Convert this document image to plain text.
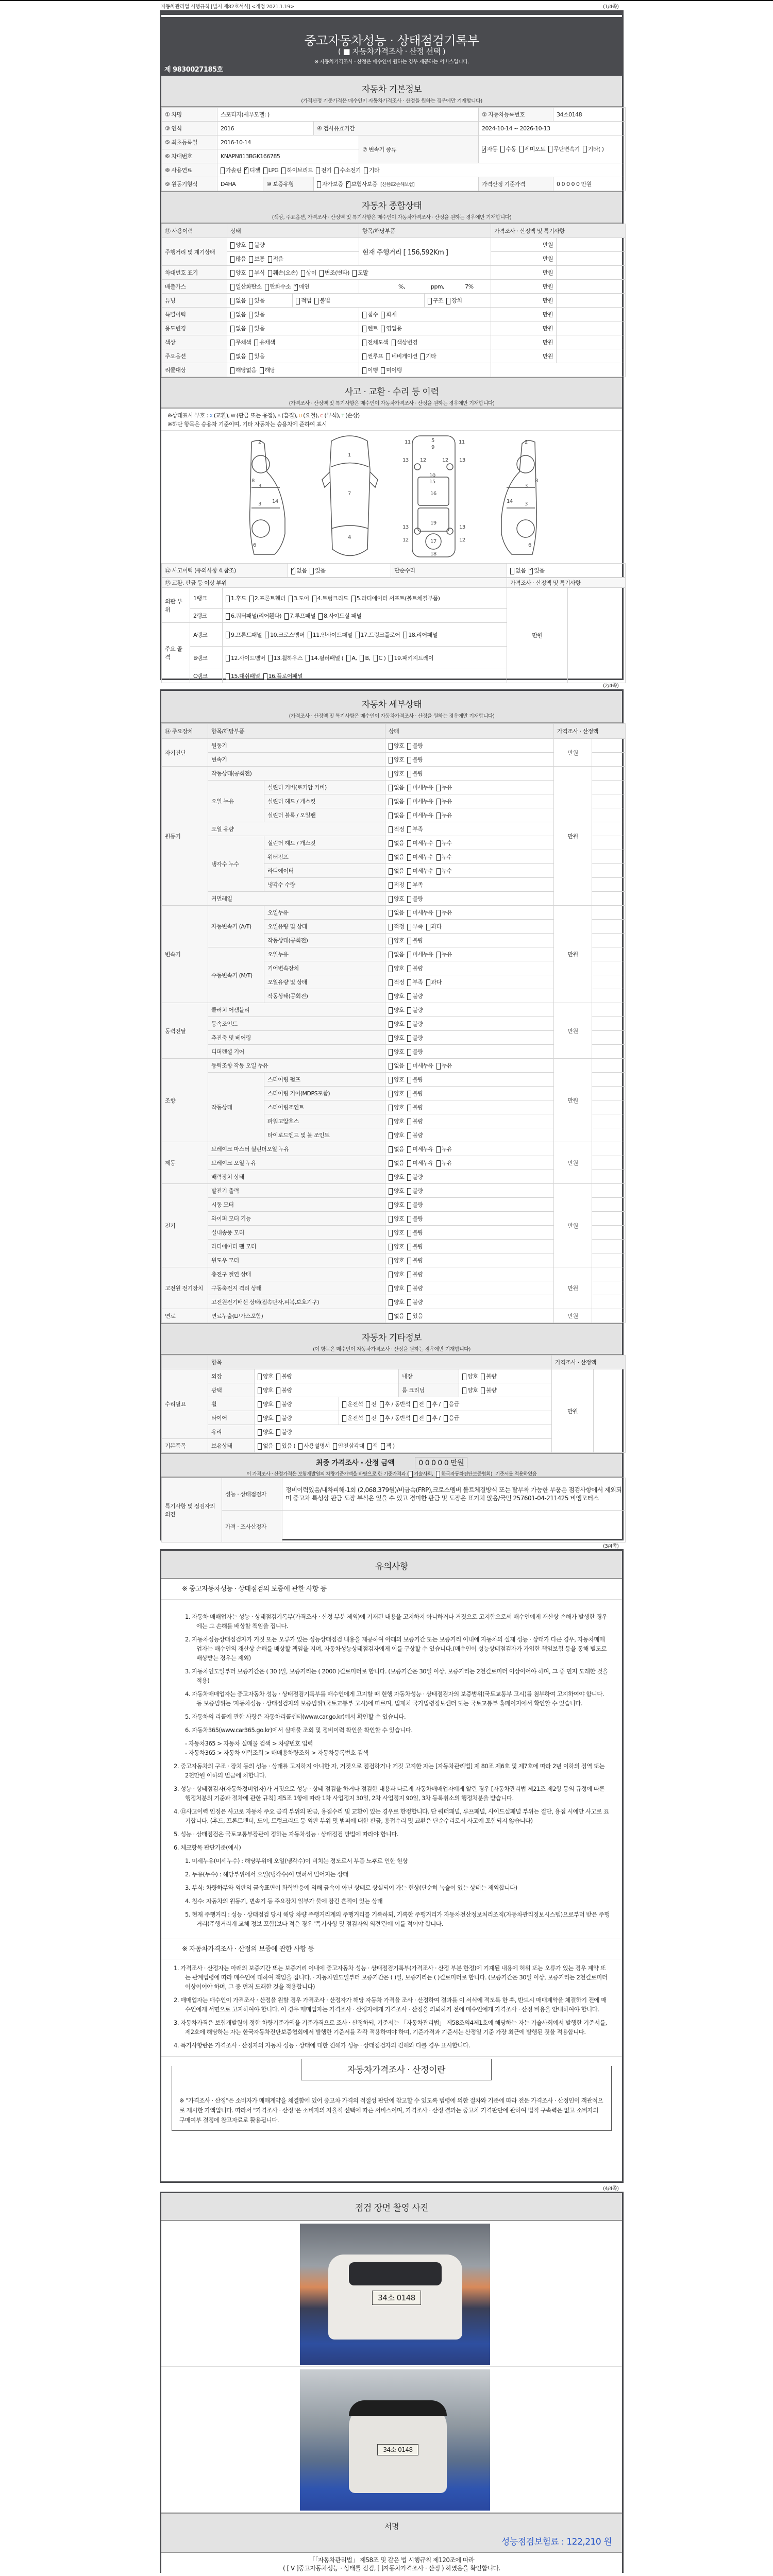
자동차관리법 시행규칙 [별지 제82호서식] <개정 2021.1.19>	(1/4쪽)
중고자동차성능 · 상태점검기록부
( ■ 자동차가격조사 · 산정 선택 )
※ 자동차가격조사 · 산정은 매수인이 원하는 경우 제공하는 서비스입니다.
제 9830027185호
자동차 기본정보
(가격산정 기준가격은 매수인이 자동차가격조사 · 산정을 원하는 경우에만 기재합니다)
① 차명	스포티지(세부모델: )				② 자동차등록번호	34소0148
③ 연식	2016		④ 검사유효기간		2024-10-14 ~ 2026-10-13	
⑤ 최초등록일	2016-10-14			⑦ 변속기 종류	✓자동 수동 세미오토 무단변속기 기타( )
⑥ 차대번호	KNAPN813BGK166785					
⑧ 사용연료	가솔린 ✓ 디젤 LPG 하이브리드 전기 수소전기 기타
⑨ 원동기형식	D4HA	⑩ 보증유형	자가보증 ✓ 보험사보증 [신한EZ손해보험]		가격산정 기준가격	0 0 0 0 0 만원
자동차 종합상태
(색상, 주요옵션, 가격조사 · 산정액 및 특기사항은 매수인이 자동차가격조사 · 산정을 원하는 경우에만 기재합니다)
⑪ 사용이력	상태		항목/해당부품		가격조사 · 산정액 및 특기사항	
주행거리 및 계기상태	양호 불량		현재 주행거리 [ 156,592Km ]		만원	
	많음 보통 적음				만원	
차대번호 표기	양호 부식 훼손(오손) 상이 변조(변타) 도말				만원	
배출가스	일산화탄소 탄화수소 ✓ 매연		%, ppm, 7%		만원	
튜닝	없음 있음	적법 불법		구조 장치	만원	
특별이력	없음 있음		침수 화재		만원	
용도변경	없음 있음		렌트 영업용		만원	
색상	무채색 유채색		전체도색 색상변경		만원	
주요옵션	없음 있음		썬루프 네비게이션 기타		만원	
리콜대상	해당없음 해당		이행 미이행			
사고 · 교환 · 수리 등 이력
(가격조사 · 산정액 및 특기사항은 매수인이 자동차가격조사 · 산정을 원하는 경우에만 기재합니다)
※상태표시 부호 : X (교환), W (판금 또는 용접), A (흠집), U (요철), C (부식), T (손상)
※하단 항목은 승용차 기준이며, 기타 자동차는 승용차에 준하여 표시
2
3
3
6
8
14
1
7
4
5
9
11	11
13	13
12	12
10
15
16
19
17
18
13	13
12	12
2
3
3
6
8
14
⑫ 사고이력 (유의사항 4.참조)	✓없음 있음	단순수리	없음 ✓ 있음
⑬ 교환, 판금 등 이상 부위			가격조사 · 산정액 및 특기사항	
외판 부위	1랭크	1.후드 2.프론트휀더 3.도어 4.트렁크리드 5.라디에이터 서포트(볼트체결부품)	만원	
	2랭크	6.쿼터패널(리어휀다) 7.루프패널 8.사이드실 패널		
주요 골격	A랭크	9.프론트패널 10.크로스멤버 11.인사이드패널 17.트렁크플로어 18.리어패널		
	B랭크	12.사이드멤버 13.휠하우스 14.필러패널 ( A, B, C ) 19.패키지트레이		
	C랭크	15.대쉬패널 16.플로어패널		
(2/4쪽)
자동차 세부상태
(가격조사 · 산정액 및 특기사항은 매수인이 자동차가격조사 · 산정을 원하는 경우에만 기재합니다)
⑭ 주요장치	항목/해당부품		상태	가격조사 · 산정액	
자기진단	원동기		양호 불량	만원	
	변속기		양호 불량		
원동기	작동상태(공회전)		양호 불량	만원	
	오일 누유	실린더 커버(로커암 커버)	없음 미세누유 누유		
		실린더 헤드 / 개스킷	없음 미세누유 누유		
		실린더 블록 / 오일팬	없음 미세누유 누유		
	오일 유량		적정 부족		
	냉각수 누수	실린더 헤드 / 개스킷	없음 미세누수 누수		
		워터펌프	없음 미세누수 누수		
		라디에이터	없음 미세누수 누수		
		냉각수 수량	적정 부족		
	커먼레일		양호 불량		
변속기	자동변속기 (A/T)	오일누유	없음 미세누유 누유	만원	
		오일유량 및 상태	적정 부족 과다		
		작동상태(공회전)	양호 불량		
	수동변속기 (M/T)	오일누유	없음 미세누유 누유		
		기어변속장치	양호 불량		
		오일유량 및 상태	적정 부족 과다		
		작동상태(공회전)	양호 불량		
동력전달	클러치 어셈블리		양호 불량	만원	
	등속조인트		양호 불량		
	추진축 및 베어링		양호 불량		
	디퍼렌셜 기어		양호 불량		
조향	동력조향 작동 오일 누유		없음 미세누유 누유	만원	
	작동상태	스티어링 펌프	양호 불량		
		스티어링 기어(MDPS포함)	양호 불량		
		스티어링조인트	양호 불량		
		파워고압호스	양호 불량		
		타이로드엔드 및 볼 조인트	양호 불량		
제동	브레이크 마스터 실린더오일 누유		없음 미세누유 누유	만원	
	브레이크 오일 누유		없음 미세누유 누유		
	배력장치 상태		양호 불량		
전기	발전기 출력		양호 불량	만원	
	시동 모터		양호 불량		
	와이퍼 모터 기능		양호 불량		
	실내송풍 모터		양호 불량		
	라디에이터 팬 모터		양호 불량		
	윈도우 모터		양호 불량		
고전원 전기장치	충전구 절연 상태		양호 불량	만원	
	구동축전지 격리 상태		양호 불량		
	고전원전기배선 상태(접속단자,피복,보호기구)		양호 불량		
연료	연료누출(LP가스포함)		없음 있음	만원	
자동차 기타정보
(이 항목은 매수인이 자동차가격조사 · 산정을 원하는 경우에만 기재합니다)
	항목					가격조사 · 산정액	
수리필요	외장	양호 불량		내장	양호 불량	만원	
	광택	양호 불량		룸 크리닝	양호 불량		
	휠	양호 불량	운전석 전 후 / 동반석 전 후 / 응급				
	타이어	양호 불량	운전석 전 후 / 동반석 전 후 / 응급				
	유리	양호 불량					
기본품목	보유상태	없음 있음 ( 사용설명서 안전삼각대 잭 잭 )					
최종 가격조사 · 산정 금액	0 0 0 0 0 만원
이 가격조사 · 산정가격은 보험개발원의 차량기준가액을 바탕으로 한 기준가격과 ( 기술사회, 한국자동차진단보증협회) 기준서를 적용하였음
특기사항 및 점검자의 의견	성능 · 상태점검자	정비이력있음/내차피해-1회 (2,068,379원)/비금속(FRP),크로스멤버 볼트체결방식 또는 탈부착 가능한 부품은 점검사항에서 제외되며 중고차 특성상 판금 도장 부식은 있을 수 있고 경미한 판금 및 도장은 표기치 않음/국민 257601-04-211425 비엠모터스
	가격 · 조사산정자	
(3/4쪽)
유의사항
※ 중고자동차성능 · 상태점검의 보증에 관한 사항 등
1. 자동차 매매업자는 성능 · 상태점검기록부(가격조사 · 산정 부분 제외)에 기재된 내용을 고지하지 아니하거나 거짓으로 고지함으로써 매수인에게 재산상 손해가 발생한 경우에는 그 손해를 배상할 책임을 집니다.
2. 자동차성능상태점검자가 거짓 또는 오류가 있는 성능상태점검 내용을 제공하여 아래의 보증기간 또는 보증거리 이내에 자동차의 실제 성능 · 상태가 다른 경우, 자동차매매업자는 매수인의 재산상 손해를 배상할 책임을 지며, 자동차성능상태점검자에게 이를 구상할 수 있습니다.(매수인이 성능상태점검자가 가입한 책임보험 등을 통해 별도로 배상받는 경우는 제외)
3. 자동차인도일부터 보증기간은 ( 30 )일, 보증거리는 ( 2000 )킬로미터로 합니다. (보증기간은 30일 이상, 보증거리는 2천킬로미터 이상이어야 하며, 그 중 먼저 도래한 것을 적용)
4. 자동차매매업자는 중고자동차 성능 · 상태점검기록부를 매수인에게 고지할 때 현행 자동차성능 · 상태점검자의 보증범위(국토교통부 고시)를 첨부하여 고지하여야 합니다. 동 보증범위는 '자동차성능 · 상태점검자의 보증범위'(국토교통부 고시)에 따르며, 법제처 국가법령정보센터 또는 국토교통부 홈페이지에서 확인할 수 있습니다.
5. 자동차의 리콜에 관한 사항은 자동차리콜센터(www.car.go.kr)에서 확인할 수 있습니다.
6. 자동차365(www.car365.go.kr)에서 실매물 조회 및 정비이력 확인을 확인할 수 있습니다.
- 자동차365 > 자동차 실매물 검색 > 차량번호 입력
- 자동차365 > 자동차 이력조회 > 매매용차량조회 > 자동차등록번호 검색
2. 중고자동차의 구조 · 장치 등의 성능 · 상태를 고지하지 아니한 자, 거짓으로 점검하거나 거짓 고지한 자는 [자동차관리법] 제 80조 제6호 및 제7호에 따라 2년 이하의 징역 또는 2천만원 이하의 벌금에 처합니다.
3. 성능 · 상태점검자(자동차정비업자)가 거짓으로 성능 · 상태 점검을 하거나 점검한 내용과 다르게 자동차매매업자에게 알린 경우 [자동차관리법 제21조 제2항 등의 규정에 따른 행정처분의 기준과 절차에 관한 규칙] 제5조 1항에 따라 1차 사업정지 30일, 2차 사업정지 90일, 3차 등록취소의 행정처분을 받습니다.
4. ⑫사고이력 인정은 사고로 자동차 주요 골격 부위의 판금, 용접수리 및 교환이 있는 경우로 한정합니다. 단 쿼터패널, 루프패널, 사이드실패널 부위는 절단, 용접 시에만 사고로 표기합니다. (후드, 프론트펜더, 도어, 트렁크리드 등 외판 부위 및 범퍼에 대한 판금, 용접수리 및 교환은 단순수리로서 사고에 포함되지 않습니다)
5. 성능 · 상태점검은 국토교통부장관이 정하는 자동차성능 · 상태점검 방법에 따라야 합니다.
6. 체크항목 판단기준(예시)
1. 미세누유(미세누수) : 해당부위에 오일(냉각수)이 비치는 정도로서 부품 노후로 인한 현상
2. 누유(누수) : 해당부위에서 오일(냉각수)이 맺혀서 떨어지는 상태
3. 부식: 차량하부와 외판의 금속표면이 화학반응에 의해 금속이 아닌 상태로 상실되어 가는 현상(단순히 녹슬어 있는 상태는 제외합니다)
4. 침수: 자동차의 원동기, 변속기 등 주요장치 일부가 물에 잠긴 흔적이 있는 상태
5. 현재 주행거리 : 성능 · 상태점검 당시 해당 차량 주행거리계의 주행거리를 기록하되, 기록한 주행거리가 자동차전산정보처리조직(자동차관리정보시스템)으로부터 받은 주행거리(주행거리계 교체 정보 포함)보다 적은 경우 '특기사항 및 점검자의 의견'란에 이를 적어야 합니다.
※ 자동차가격조사 · 산정의 보증에 관한 사항 등
1. 가격조사 · 산정자는 아래의 보증기간 또는 보증거리 이내에 중고자동차 성능 · 상태점검기록부(가격조사 · 산정 부분 한정)에 기재된 내용에 허위 또는 오류가 있는 경우 계약 또는 관계법령에 따라 매수인에 대하여 책임을 집니다. · 자동차인도일부터 보증기간은 ( )일, 보증거리는 ( )킬로미터로 합니다. (보증기간은 30일 이상, 보증거리는 2천킬로미터 이상이어야 하며, 그 중 먼저 도래한 것을 적용합니다)
2. 매매업자는 매수인이 가격조사 · 산정을 원할 경우 가격조사 · 산정자가 해당 자동차 가격을 조사 · 산정하여 결과를 이 서식에 적도록 한 후, 반드시 매매계약을 체결하기 전에 매수인에게 서면으로 고지하여야 합니다. 이 경우 매매업자는 가격조사 · 산정자에게 가격조사 · 산정을 의뢰하기 전에 매수인에게 가격조사 · 산정 비용을 안내하여야 합니다.
3. 자동차가격은 보험개발원이 정한 차량기준가액을 기준가격으로 조사 · 산정하되, 기준서는 「자동차관리법」 제58조의4제1호에 해당하는 자는 기술사회에서 발행한 기준서를, 제2호에 해당하는 자는 한국자동차진단보증협회에서 발행한 기준서를 각각 적용하여야 하며, 기준가격과 기준서는 산정일 기준 가장 최근에 발행된 것을 적용합니다.
4. 특기사항란은 가격조사 · 산정자의 자동차 성능 · 상태에 대한 견해가 성능 · 상태점검자의 견해와 다를 경우 표시합니다.
자동차가격조사 · 산정이란
※ "가격조사 · 산정"은 소비자가 매매계약을 체결함에 있어 중고차 가격의 적절성 판단에 참고할 수 있도록 법령에 의한 절차와 기준에 따라 전문 가격조사 · 산정인이 객관적으로 제시한 가액입니다. 따라서 "가격조사 · 산정"은 소비자의 자율적 선택에 따른 서비스이며, 가격조사 · 산정 결과는 중고차 가격판단에 관하여 법적 구속력은 없고 소비자의 구매여부 결정에 참고자료로 활용됩니다.
(4/4쪽)
점검 장면 촬영 사진
34소 0148
34소 0148
서명
성능점검보험료 : 122,210 원
「「자동차관리법」 제58조 및 같은 법 시행규칙 제120조에 따라
( [ V ]중고자동차성능 · 상태를 점검, [ ]자동차가격조사 · 산정 ) 하였음을 확인합니다.
